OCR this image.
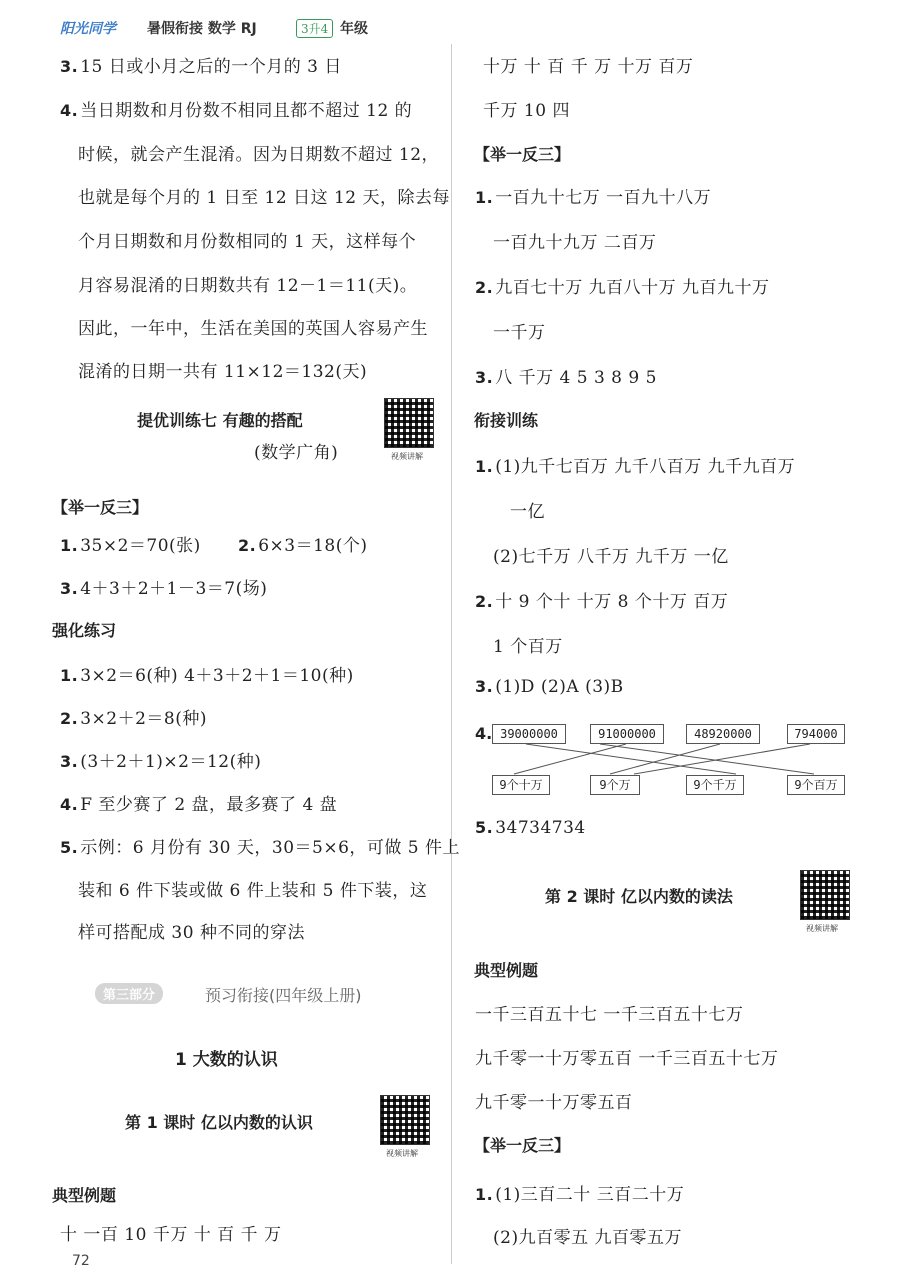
阳光同学 暑假衔接 数学 RJ	3升4 年级
3. 15 日或小月之后的一个月的 3 日
4. 当日期数和月份数不相同且都不超过 12 的
时候，就会产生混淆。因为日期数不超过 12，
也就是每个月的 1 日至 12 日这 12 天，除去每
个月日期数和月份数相同的 1 天，这样每个
月容易混淆的日期数共有 12－1＝11(天)。
因此，一年中，生活在美国的英国人容易产生
混淆的日期一共有 11×12＝132(天)
提优训练七 有趣的搭配
(数学广角)	视频讲解
【举一反三】
1. 35×2＝70(张) 2. 6×3＝18(个)
3. 4＋3＋2＋1－3＝7(场)
强化练习
1. 3×2＝6(种) 4＋3＋2＋1＝10(种)
2. 3×2＋2＝8(种)
3. (3＋2＋1)×2＝12(种)
4. F 至少赛了 2 盘，最多赛了 4 盘
5. 示例：6 月份有 30 天，30＝5×6，可做 5 件上
装和 6 件下装或做 6 件上装和 5 件下装，这
样可搭配成 30 种不同的穿法
第三部分	预习衔接(四年级上册)
1 大数的认识
第 1 课时 亿以内数的认识
视频讲解
典型例题
十 一百 10 千万 十 百 千 万
72
十万 十 百 千 万 十万 百万
千万 10 四
【举一反三】
1. 一百九十七万 一百九十八万
一百九十九万 二百万
2. 九百七十万 九百八十万 九百九十万
一千万
3. 八 千万 4 5 3 8 9 5
衔接训练
1. (1)九千七百万 九千八百万 九千九百万
一亿
(2)七千万 八千万 九千万 一亿
2. 十 9 个十 十万 8 个十万 百万
1 个百万
3. (1)D (2)A (3)B
4. 39000000	91000000	48920000	794000
9个十万	9个万	9个千万	9个百万
5. 34734734
第 2 课时 亿以内数的读法
视频讲解
典型例题
一千三百五十七 一千三百五十七万
九千零一十万零五百 一千三百五十七万
九千零一十万零五百
【举一反三】
1. (1)三百二十 三百二十万
(2)九百零五 九百零五万
